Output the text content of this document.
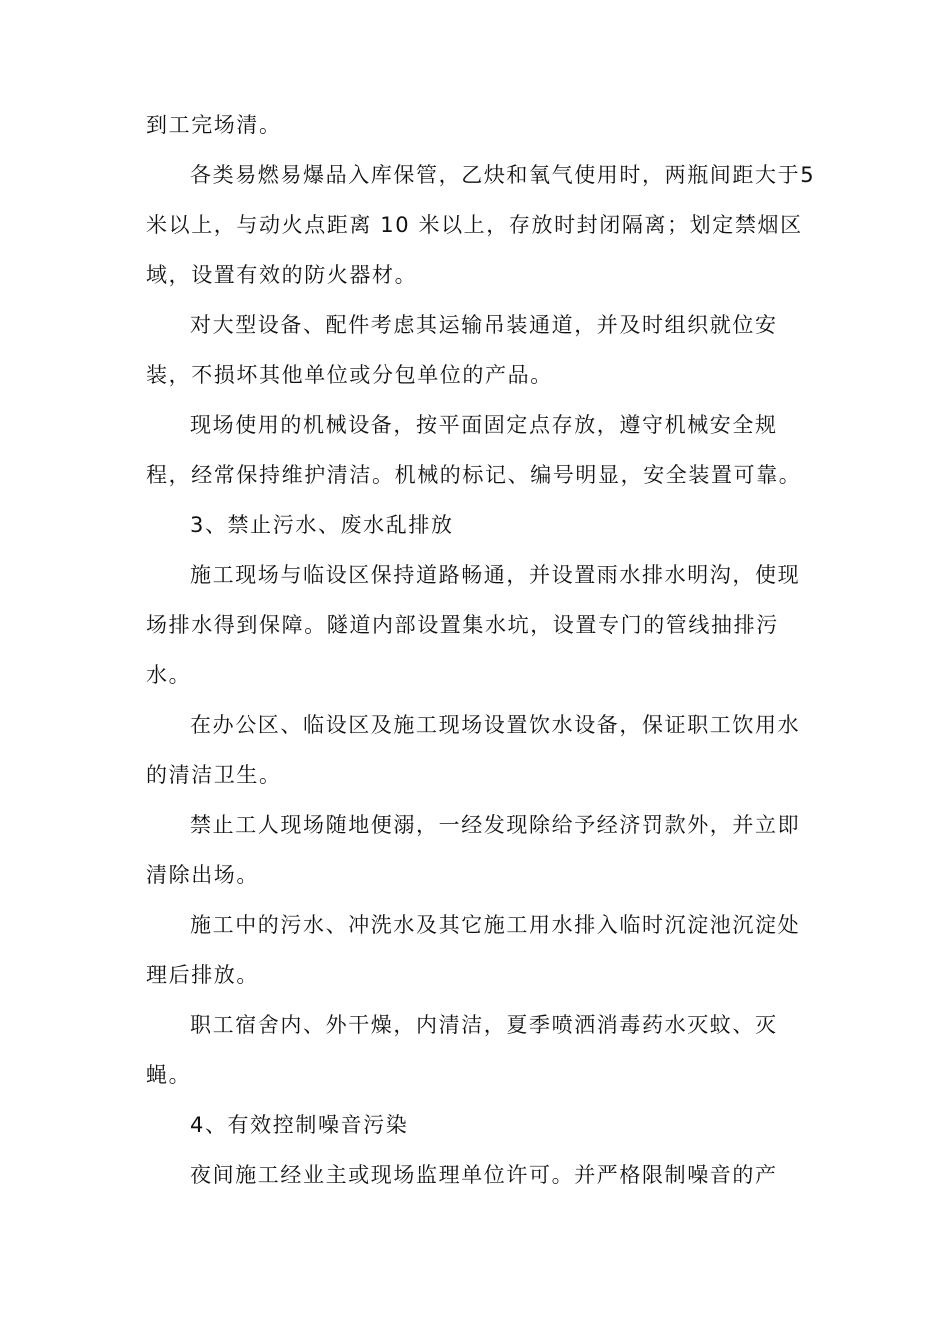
到工完场清。
各类易燃易爆品入库保管，乙炔和氧气使用时，两瓶间距大于5
米以上，与动火点距离 10 米以上，存放时封闭隔离；划定禁烟区
域，设置有效的防火器材。
对大型设备、配件考虑其运输吊装通道，并及时组织就位安
装，不损坏其他单位或分包单位的产品。
现场使用的机械设备，按平面固定点存放，遵守机械安全规
程，经常保持维护清洁。机械的标记、编号明显，安全装置可靠。
3、禁止污水、废水乱排放
施工现场与临设区保持道路畅通，并设置雨水排水明沟，使现
场排水得到保障。隧道内部设置集水坑，设置专门的管线抽排污
水。
在办公区、临设区及施工现场设置饮水设备，保证职工饮用水
的清洁卫生。
禁止工人现场随地便溺，一经发现除给予经济罚款外，并立即
清除出场。
施工中的污水、冲洗水及其它施工用水排入临时沉淀池沉淀处
理后排放。
职工宿舍内、外干燥，内清洁，夏季喷洒消毒药水灭蚊、灭
蝇。
4、有效控制噪音污染
夜间施工经业主或现场监理单位许可。并严格限制噪音的产
